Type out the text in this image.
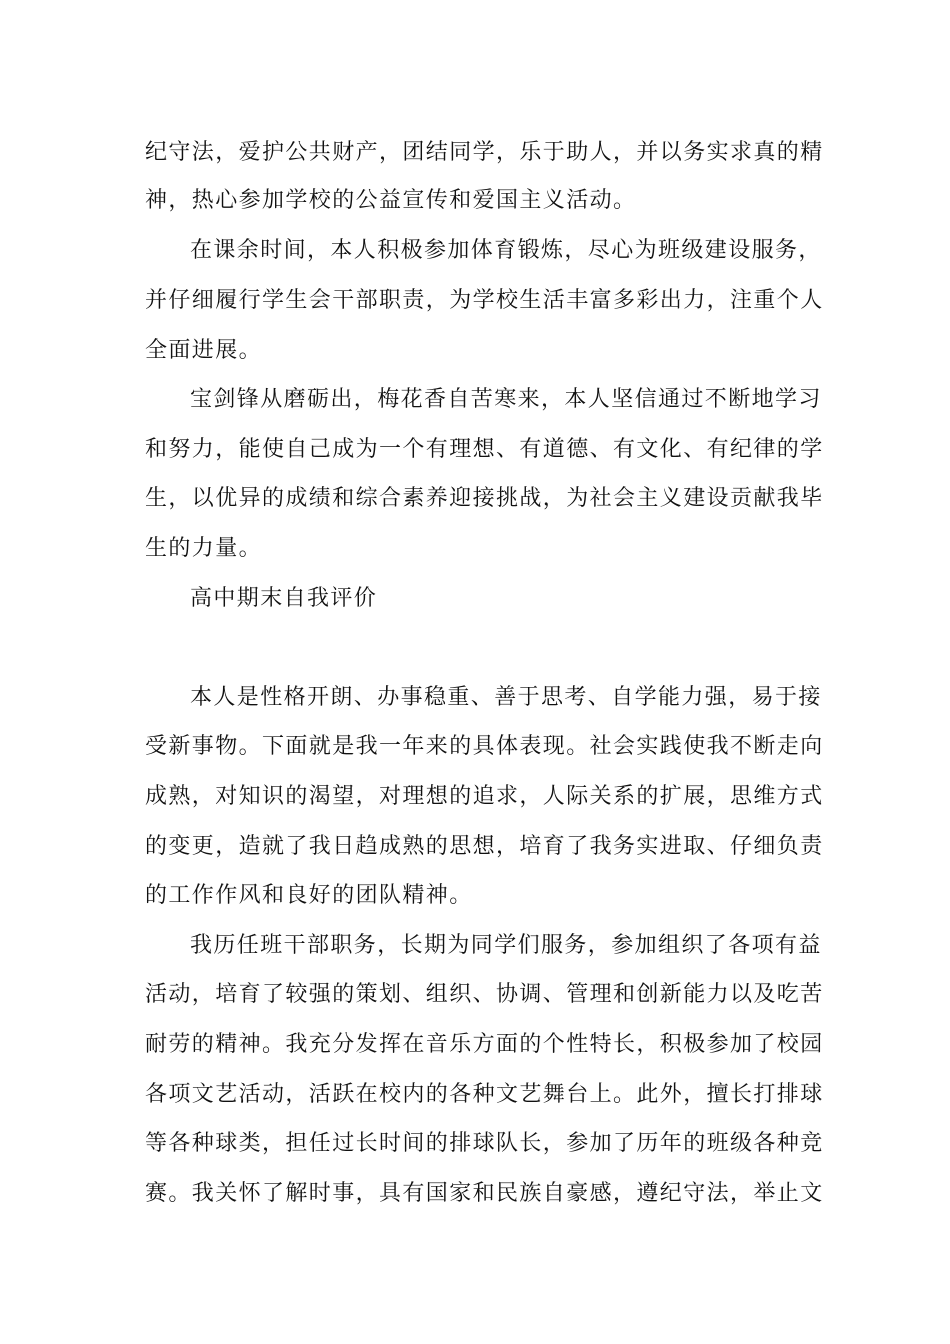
纪守法，爱护公共财产，团结同学，乐于助人，并以务实求真的精
神，热心参加学校的公益宣传和爱国主义活动。
在课余时间，本人积极参加体育锻炼，尽心为班级建设服务，
并仔细履行学生会干部职责，为学校生活丰富多彩出力，注重个人
全面进展。
宝剑锋从磨砺出，梅花香自苦寒来，本人坚信通过不断地学习
和努力，能使自己成为一个有理想、有道德、有文化、有纪律的学
生，以优异的成绩和综合素养迎接挑战，为社会主义建设贡献我毕
生的力量。
高中期末自我评价
本人是性格开朗、办事稳重、善于思考、自学能力强，易于接
受新事物。下面就是我一年来的具体表现。社会实践使我不断走向
成熟，对知识的渴望，对理想的追求，人际关系的扩展，思维方式
的变更，造就了我日趋成熟的思想，培育了我务实进取、仔细负责
的工作作风和良好的团队精神。
我历任班干部职务，长期为同学们服务，参加组织了各项有益
活动，培育了较强的策划、组织、协调、管理和创新能力以及吃苦
耐劳的精神。我充分发挥在音乐方面的个性特长，积极参加了校园
各项文艺活动，活跃在校内的各种文艺舞台上。此外，擅长打排球
等各种球类，担任过长时间的排球队长，参加了历年的班级各种竞
赛。我关怀了解时事，具有国家和民族自豪感，遵纪守法，举止文
